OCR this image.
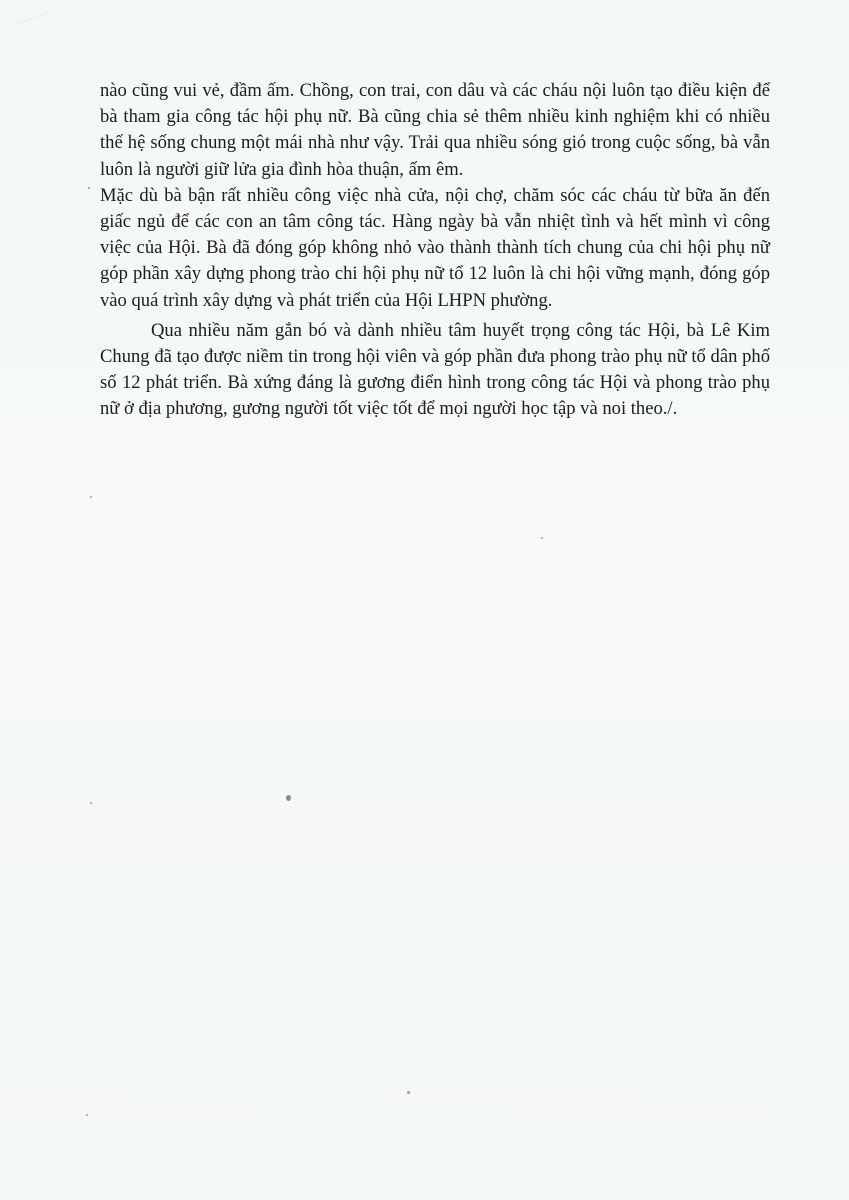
nào cũng vui vẻ, đầm ấm. Chồng, con trai, con dâu và các cháu nội luôn tạo điều kiện để bà tham gia công tác hội phụ nữ. Bà cũng chia sẻ thêm nhiều kinh nghiệm khi có nhiều thế hệ sống chung một mái nhà như vậy. Trải qua nhiều sóng gió trong cuộc sống, bà vẫn luôn là người giữ lửa gia đình hòa thuận, ấm êm.

Mặc dù bà bận rất nhiều công việc nhà cửa, nội chợ, chăm sóc các cháu từ bữa ăn đến giấc ngủ để các con an tâm công tác. Hàng ngày bà vẫn nhiệt tình và hết mình vì công việc của Hội. Bà đã đóng góp không nhỏ vào thành thành tích chung của chi hội phụ nữ góp phần xây dựng phong trào chi hội phụ nữ tổ 12 luôn là chi hội vững mạnh, đóng góp vào quá trình xây dựng và phát triển của Hội LHPN phường.

Qua nhiều năm gắn bó và dành nhiều tâm huyết trọng công tác Hội, bà Lê Kim Chung đã tạo được niềm tin trong hội viên và góp phần đưa phong trào phụ nữ tổ dân phố số 12 phát triển. Bà xứng đáng là gương điển hình trong công tác Hội và phong trào phụ nữ ở địa phương, gương người tốt việc tốt để mọi người học tập và noi theo./.
